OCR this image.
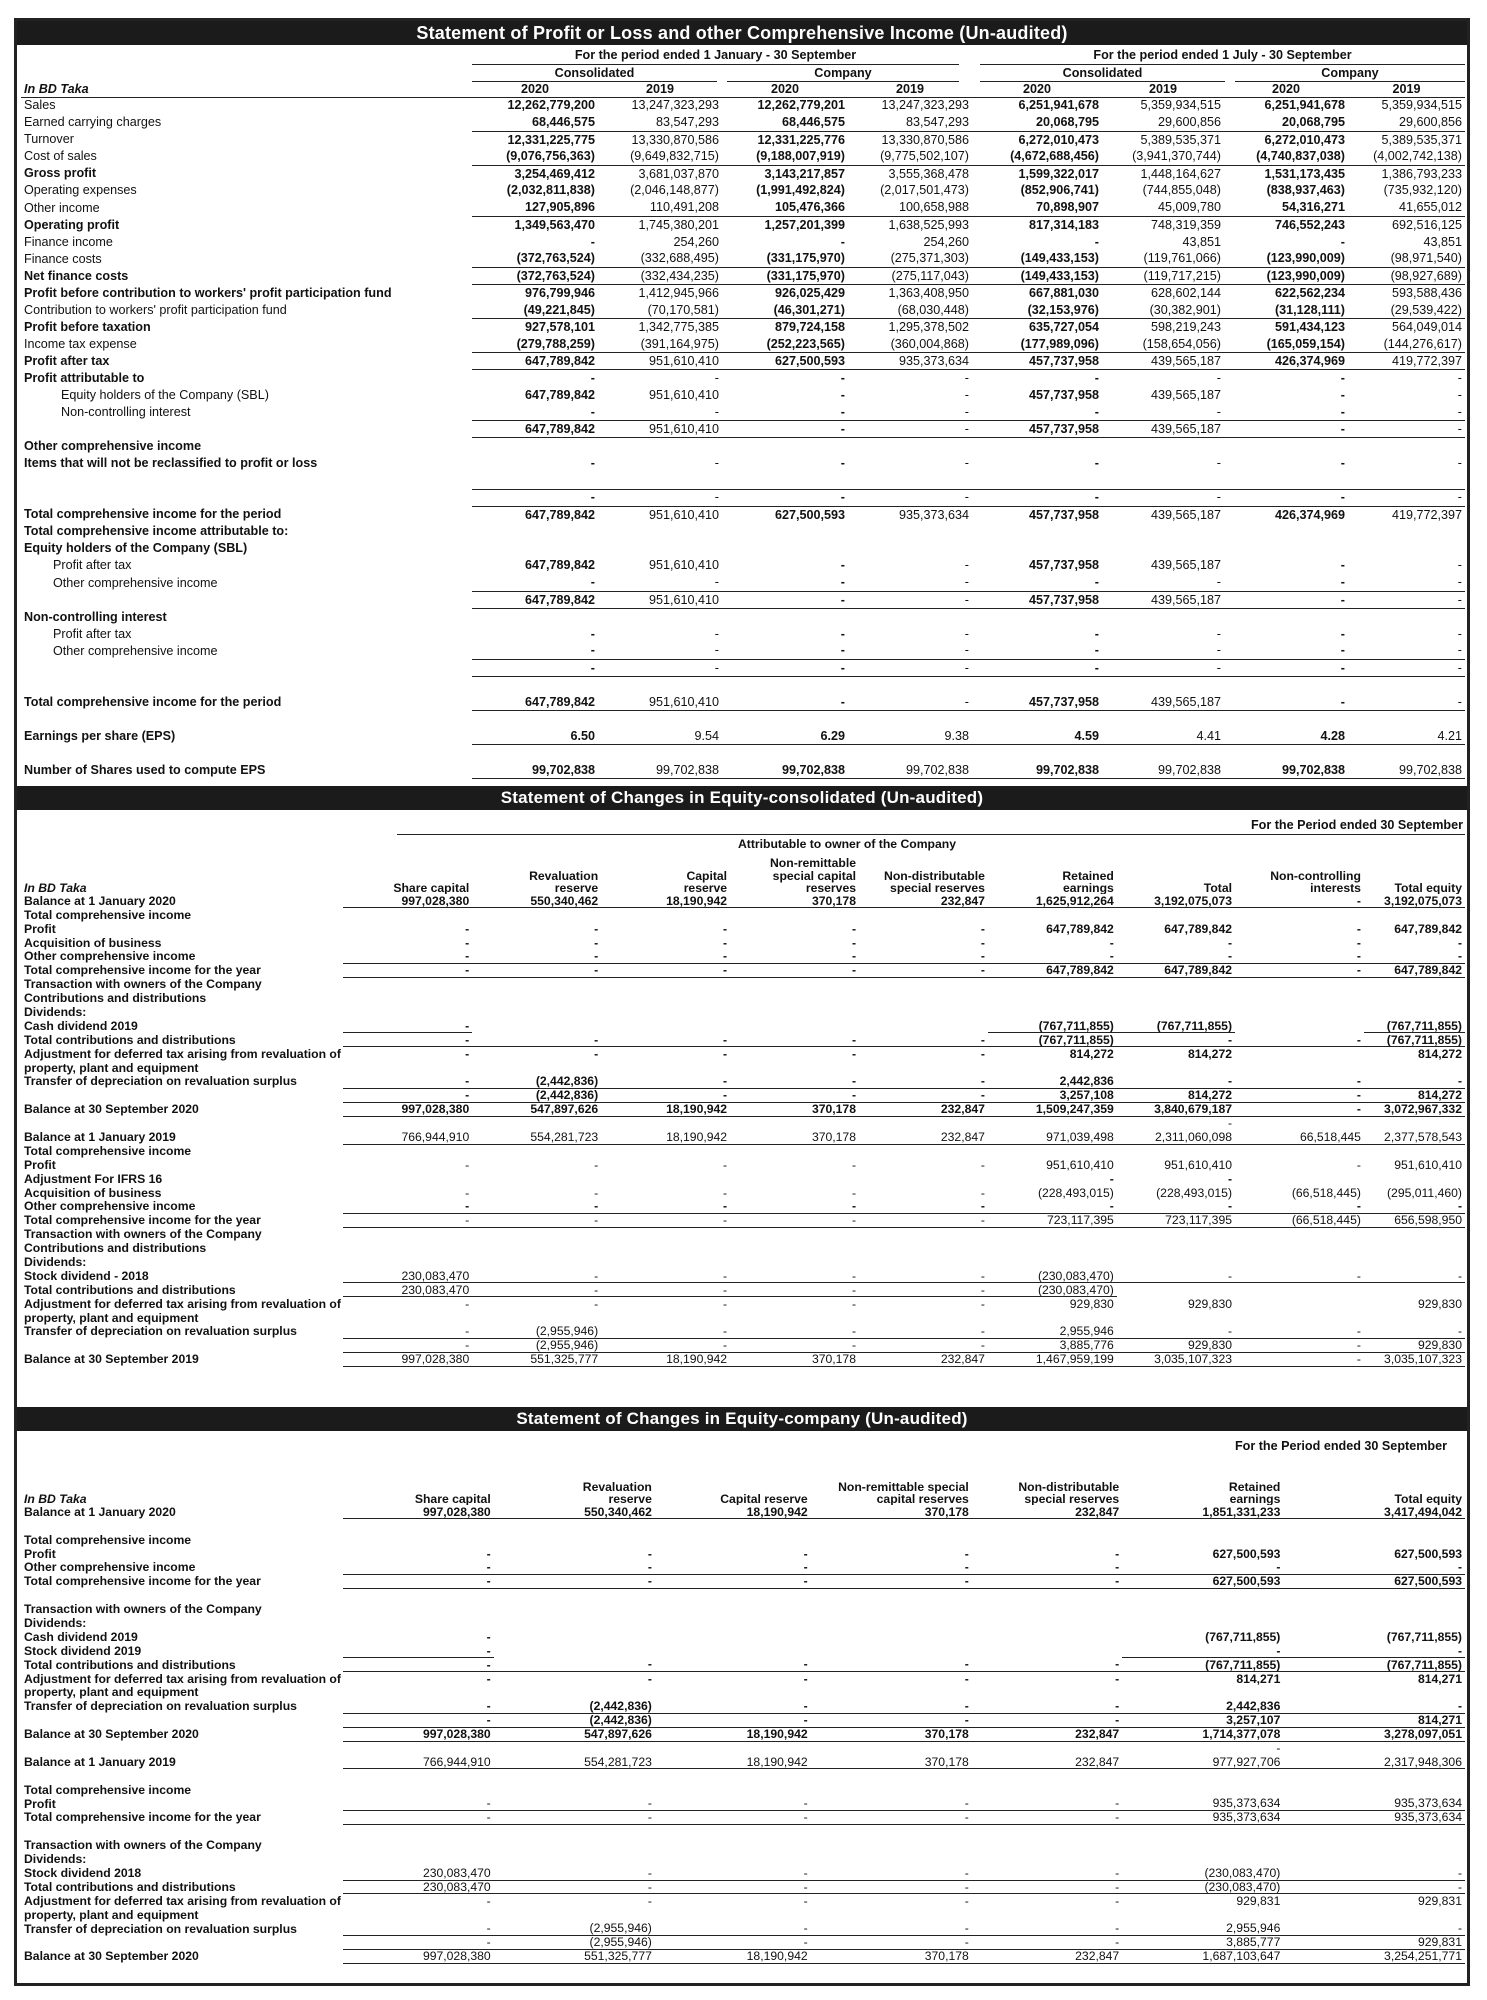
Statement of Profit or Loss and other Comprehensive Income (Un-audited)
For the period ended 1 January - 30 September	For the period ended 1 July - 30 September
Consolidated	Company	Consolidated	Company
In BD Taka	2020	2019	2020	2019	2020	2019	2020	2019
Sales	12,262,779,200	13,247,323,293	12,262,779,201	13,247,323,293	6,251,941,678	5,359,934,515	6,251,941,678	5,359,934,515
Earned carrying charges	68,446,575	83,547,293	68,446,575	83,547,293	20,068,795	29,600,856	20,068,795	29,600,856
Turnover	12,331,225,775	13,330,870,586	12,331,225,776	13,330,870,586	6,272,010,473	5,389,535,371	6,272,010,473	5,389,535,371
Cost of sales	(9,076,756,363)	(9,649,832,715)	(9,188,007,919)	(9,775,502,107)	(4,672,688,456)	(3,941,370,744)	(4,740,837,038)	(4,002,742,138)
Gross profit	3,254,469,412	3,681,037,870	3,143,217,857	3,555,368,478	1,599,322,017	1,448,164,627	1,531,173,435	1,386,793,233
Operating expenses	(2,032,811,838)	(2,046,148,877)	(1,991,492,824)	(2,017,501,473)	(852,906,741)	(744,855,048)	(838,937,463)	(735,932,120)
Other income	127,905,896	110,491,208	105,476,366	100,658,988	70,898,907	45,009,780	54,316,271	41,655,012
Operating profit	1,349,563,470	1,745,380,201	1,257,201,399	1,638,525,993	817,314,183	748,319,359	746,552,243	692,516,125
Finance income	-	254,260	-	254,260	-	43,851	-	43,851
Finance costs	(372,763,524)	(332,688,495)	(331,175,970)	(275,371,303)	(149,433,153)	(119,761,066)	(123,990,009)	(98,971,540)
Net finance costs	(372,763,524)	(332,434,235)	(331,175,970)	(275,117,043)	(149,433,153)	(119,717,215)	(123,990,009)	(98,927,689)
Profit before contribution to workers' profit participation fund	976,799,946	1,412,945,966	926,025,429	1,363,408,950	667,881,030	628,602,144	622,562,234	593,588,436
Contribution to workers' profit participation fund	(49,221,845)	(70,170,581)	(46,301,271)	(68,030,448)	(32,153,976)	(30,382,901)	(31,128,111)	(29,539,422)
Profit before taxation	927,578,101	1,342,775,385	879,724,158	1,295,378,502	635,727,054	598,219,243	591,434,123	564,049,014
Income tax expense	(279,788,259)	(391,164,975)	(252,223,565)	(360,004,868)	(177,989,096)	(158,654,056)	(165,059,154)	(144,276,617)
Profit after tax	647,789,842	951,610,410	627,500,593	935,373,634	457,737,958	439,565,187	426,374,969	419,772,397
Profit attributable to	-	-	-	-	-	-	-	-
Equity holders of the Company (SBL)	647,789,842	951,610,410	-	-	457,737,958	439,565,187	-	-
Non-controlling interest	-	-	-	-	-	-	-	-
	647,789,842	951,610,410	-	-	457,737,958	439,565,187	-	-
Other comprehensive income								
Items that will not be reclassified to profit or loss	-	-	-	-	-	-	-	-

	-	-	-	-	-	-	-	-
Total comprehensive income for the period	647,789,842	951,610,410	627,500,593	935,373,634	457,737,958	439,565,187	426,374,969	419,772,397
Total comprehensive income attributable to:								
Equity holders of the Company (SBL)								
Profit after tax	647,789,842	951,610,410	-	-	457,737,958	439,565,187	-	-
Other comprehensive income	-	-	-	-	-	-	-	-
	647,789,842	951,610,410	-	-	457,737,958	439,565,187	-	-
Non-controlling interest								
Profit after tax	-	-	-	-	-	-	-	-
Other comprehensive income	-	-	-	-	-	-	-	-
	-	-	-	-	-	-	-	-

Total comprehensive income for the period	647,789,842	951,610,410	-	-	457,737,958	439,565,187	-	-

Earnings per share (EPS)	6.50	9.54	6.29	9.38	4.59	4.41	4.28	4.21

Number of Shares used to compute EPS	99,702,838	99,702,838	99,702,838	99,702,838	99,702,838	99,702,838	99,702,838	99,702,838
Statement of Changes in Equity-consolidated (Un-audited)
For the Period ended 30 September
Attributable to owner of the Company
In BD Taka	Share capital	Revaluation reserve	Capital reserve	Non-remittable special capital reserves	Non-distributable special reserves	Retained earnings	Total	Non-controlling interests	Total equity
Balance at 1 January 2020	997,028,380	550,340,462	18,190,942	370,178	232,847	1,625,912,264	3,192,075,073	-	3,192,075,073
Total comprehensive income									
Profit	-	-	-	-	-	647,789,842	647,789,842	-	647,789,842
Acquisition of business	-	-	-	-	-	-	-	-	-
Other comprehensive income	-	-	-	-	-	-	-	-	-
Total comprehensive income for the year	-	-	-	-	-	647,789,842	647,789,842	-	647,789,842
Transaction with owners of the Company									
Contributions and distributions									
Dividends:									
Cash dividend 2019	-					(767,711,855)	(767,711,855)		(767,711,855)
Total contributions and distributions	-	-	-	-	-	(767,711,855)	-	-	(767,711,855)
Adjustment for deferred tax arising from revaluation of	-	-	-	-	-	814,272	814,272		814,272
property, plant and equipment									
Transfer of depreciation on revaluation surplus	-	(2,442,836)	-	-	-	2,442,836	-	-	-
	-	(2,442,836)	-	-	-	3,257,108	814,272	-	814,272
Balance at 30 September 2020	997,028,380	547,897,626	18,190,942	370,178	232,847	1,509,247,359	3,840,679,187	-	3,072,967,332
							-		
Balance at 1 January 2019	766,944,910	554,281,723	18,190,942	370,178	232,847	971,039,498	2,311,060,098	66,518,445	2,377,578,543
Total comprehensive income									
Profit	-	-	-	-	-	951,610,410	951,610,410	-	951,610,410
Adjustment For IFRS 16						-	-		
Acquisition of business	-	-	-	-	-	(228,493,015)	(228,493,015)	(66,518,445)	(295,011,460)
Other comprehensive income	-	-	-	-	-	-	-	-	-
Total comprehensive income for the year	-	-	-	-	-	723,117,395	723,117,395	(66,518,445)	656,598,950
Transaction with owners of the Company									
Contributions and distributions									
Dividends:									
Stock dividend - 2018	230,083,470	-	-	-	-	(230,083,470)	-	-	-
Total contributions and distributions	230,083,470	-	-	-	-	(230,083,470)			
Adjustment for deferred tax arising from revaluation of	-	-	-	-	-	929,830	929,830		929,830
property, plant and equipment									
Transfer of depreciation on revaluation surplus	-	(2,955,946)	-	-	-	2,955,946	-	-	-
	-	(2,955,946)	-	-	-	3,885,776	929,830	-	929,830
Balance at 30 September 2019	997,028,380	551,325,777	18,190,942	370,178	232,847	1,467,959,199	3,035,107,323	-	3,035,107,323
Statement of Changes in Equity-company (Un-audited)
For the Period ended 30 September
In BD Taka	Share capital	Revaluation reserve	Capital reserve	Non-remittable special capital reserves	Non-distributable special reserves	Retained earnings	Total equity
Balance at 1 January 2020	997,028,380	550,340,462	18,190,942	370,178	232,847	1,851,331,233	3,417,494,042

Total comprehensive income							
Profit	-	-	-	-	-	627,500,593	627,500,593
Other comprehensive income	-	-	-	-	-	-	-
Total comprehensive income for the year	-	-	-	-	-	627,500,593	627,500,593

Transaction with owners of the Company							
Dividends:							
Cash dividend 2019	-					(767,711,855)	(767,711,855)
Stock dividend 2019	-					-	-
Total contributions and distributions	-	-	-	-	-	(767,711,855)	(767,711,855)
Adjustment for deferred tax arising from revaluation of	-	-	-	-	-	814,271	814,271
property, plant and equipment							
Transfer of depreciation on revaluation surplus	-	(2,442,836)	-	-	-	2,442,836	-
	-	(2,442,836)	-	-	-	3,257,107	814,271
Balance at 30 September 2020	997,028,380	547,897,626	18,190,942	370,178	232,847	1,714,377,078	3,278,097,051
						-	
Balance at 1 January 2019	766,944,910	554,281,723	18,190,942	370,178	232,847	977,927,706	2,317,948,306

Total comprehensive income							
Profit	-	-	-	-	-	935,373,634	935,373,634
Total comprehensive income for the year	-	-	-	-	-	935,373,634	935,373,634

Transaction with owners of the Company							
Dividends:							
Stock dividend 2018	230,083,470	-	-	-	-	(230,083,470)	-
Total contributions and distributions	230,083,470	-	-	-	-	(230,083,470)	-
Adjustment for deferred tax arising from revaluation of	-	-	-	-	-	929,831	929,831
property, plant and equipment							
Transfer of depreciation on revaluation surplus	-	(2,955,946)	-	-	-	2,955,946	-
	-	(2,955,946)	-	-	-	3,885,777	929,831
Balance at 30 September 2020	997,028,380	551,325,777	18,190,942	370,178	232,847	1,687,103,647	3,254,251,771
